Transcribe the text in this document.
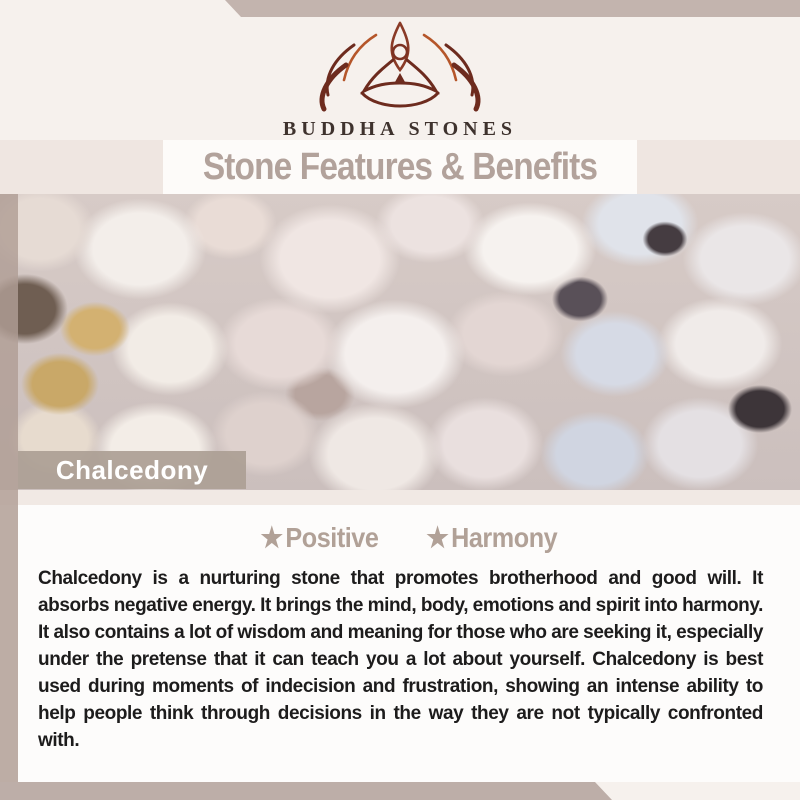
BUDDHA STONES
Stone Features & Benefits
Chalcedony
★Positive ★Harmony

Chalcedony is a nurturing stone that promotes brotherhood and good will. It absorbs negative energy. It brings the mind, body, emotions and spirit into harmony. It also contains a lot of wisdom and meaning for those who are seeking it, especially under the pretense that it can teach you a lot about yourself. Chalcedony is best used during moments of indecision and frustration, showing an intense ability to help people think through decisions in the way they are not typically confronted with.
